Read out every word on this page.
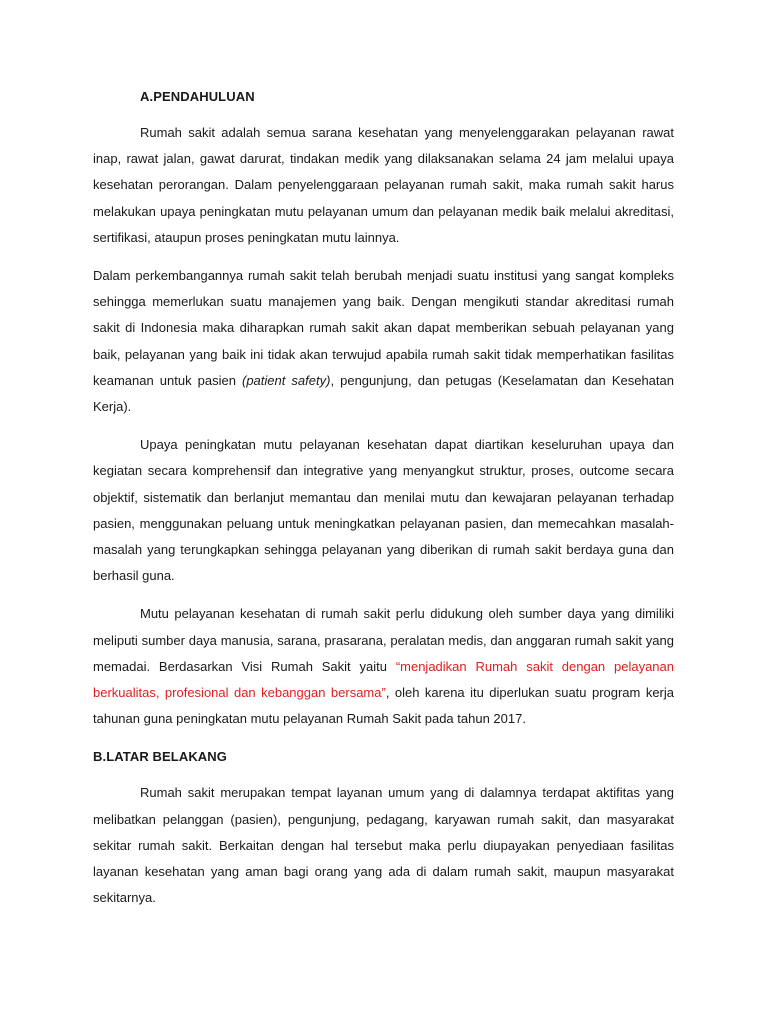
A.PENDAHULUAN

Rumah sakit adalah semua sarana kesehatan yang menyelenggarakan pelayanan rawat inap, rawat jalan, gawat darurat, tindakan medik yang dilaksanakan selama 24 jam melalui upaya kesehatan perorangan. Dalam penyelenggaraan pelayanan rumah sakit, maka rumah sakit harus melakukan upaya peningkatan mutu pelayanan umum dan pelayanan medik baik melalui akreditasi, sertifikasi, ataupun proses peningkatan mutu lainnya.

Dalam perkembangannya rumah sakit telah berubah menjadi suatu institusi yang sangat kompleks sehingga memerlukan suatu manajemen yang baik. Dengan mengikuti standar akreditasi rumah sakit di Indonesia maka diharapkan rumah sakit akan dapat memberikan sebuah pelayanan yang baik, pelayanan yang baik ini tidak akan terwujud apabila rumah sakit tidak memperhatikan fasilitas keamanan untuk pasien (patient safety), pengunjung, dan petugas (Keselamatan dan Kesehatan Kerja).

Upaya peningkatan mutu pelayanan kesehatan dapat diartikan keseluruhan upaya dan kegiatan secara komprehensif dan integrative yang menyangkut struktur, proses, outcome secara objektif, sistematik dan berlanjut memantau dan menilai mutu dan kewajaran pelayanan terhadap pasien, menggunakan peluang untuk meningkatkan pelayanan pasien, dan memecahkan masalah- masalah yang terungkapkan sehingga pelayanan yang diberikan di rumah sakit berdaya guna dan berhasil guna.

Mutu pelayanan kesehatan di rumah sakit perlu didukung oleh sumber daya yang dimiliki meliputi sumber daya manusia, sarana, prasarana, peralatan medis, dan anggaran rumah sakit yang memadai. Berdasarkan Visi Rumah Sakit yaitu “menjadikan Rumah sakit dengan pelayanan berkualitas, profesional dan kebanggan bersama”, oleh karena itu diperlukan suatu program kerja tahunan guna peningkatan mutu pelayanan Rumah Sakit pada tahun 2017.

B.LATAR BELAKANG

Rumah sakit merupakan tempat layanan umum yang di dalamnya terdapat aktifitas yang melibatkan pelanggan (pasien), pengunjung, pedagang, karyawan rumah sakit, dan masyarakat sekitar rumah sakit. Berkaitan dengan hal tersebut maka perlu diupayakan penyediaan fasilitas layanan kesehatan yang aman bagi orang yang ada di dalam rumah sakit, maupun masyarakat sekitarnya.
